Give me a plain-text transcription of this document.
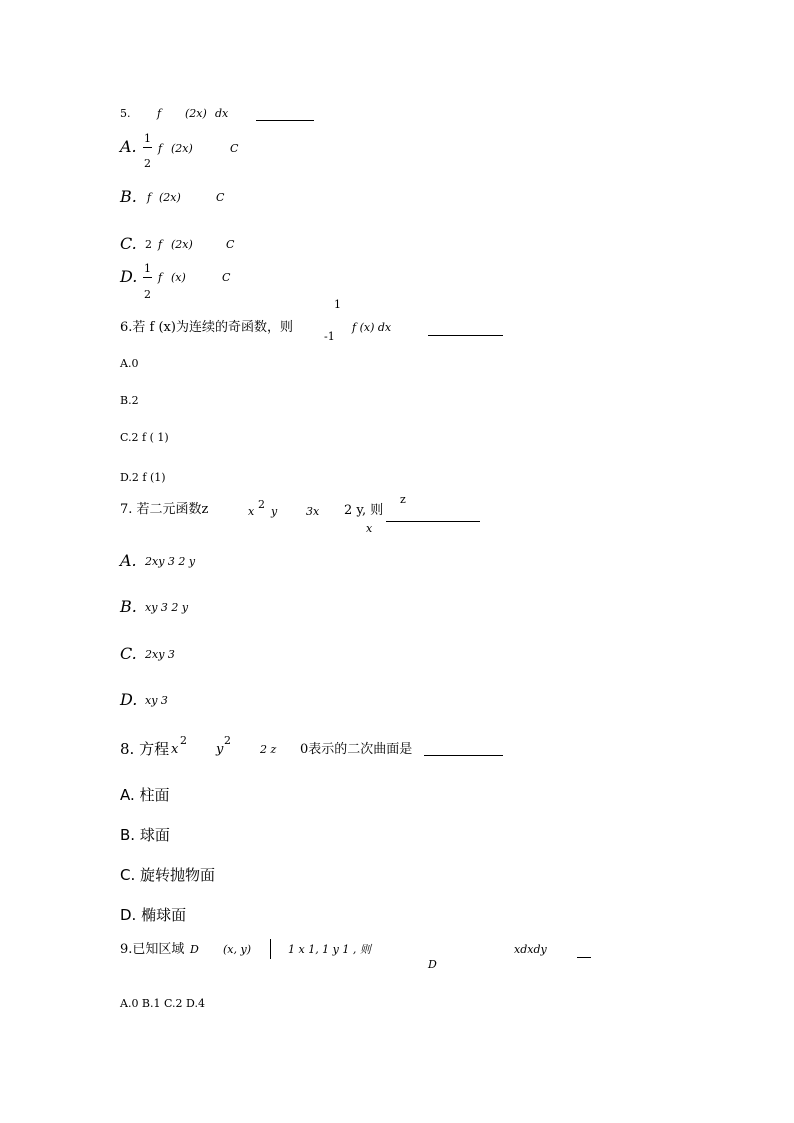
5. f (2x) dx
A. 1
2
f (2x)	C
B. f (2x)	C
C. 2 f (2x)	C
D. 1
2
f (x)	C
1
6.若 f (x)为连续的奇函数，则
-1
f (x) dx
A.0
B.2
C.2 f ( 1)
D.2 f (1)
z
7. 若二元函数z	x
2
y	3x 2 y, 则
x
A. 2xy 3 2 y
B. xy 3 2 y
C. 2xy 3
D. xy 3
8. 方程 x
2
y
2
2 z 0表示的二次曲面是
A. 柱面
B. 球面
C. 旋转抛物面
D. 椭球面
9.已知区域 D (x, y)	1 x 1, 1 y 1 , 则
D
xdxdy
A.0 B.1 C.2 D.4
